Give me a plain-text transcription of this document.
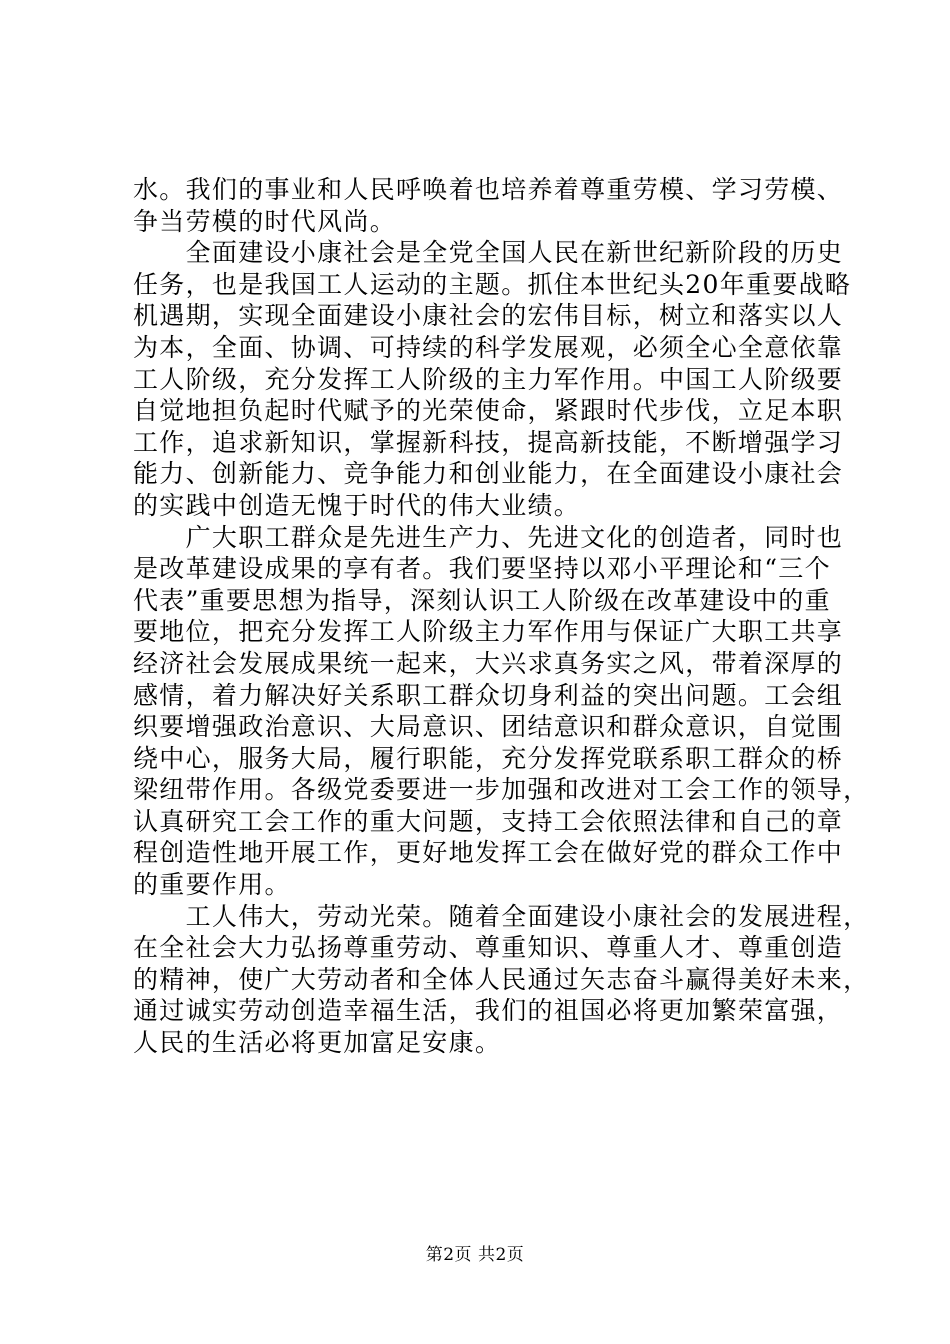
水。我们的事业和人民呼唤着也培养着尊重劳模、学习劳模、
争当劳模的时代风尚。
　　全面建设小康社会是全党全国人民在新世纪新阶段的历史
任务，也是我国工人运动的主题。抓住本世纪头20年重要战略
机遇期，实现全面建设小康社会的宏伟目标，树立和落实以人
为本，全面、协调、可持续的科学发展观，必须全心全意依靠
工人阶级，充分发挥工人阶级的主力军作用。中国工人阶级要
自觉地担负起时代赋予的光荣使命，紧跟时代步伐，立足本职
工作，追求新知识，掌握新科技，提高新技能，不断增强学习
能力、创新能力、竞争能力和创业能力，在全面建设小康社会
的实践中创造无愧于时代的伟大业绩。
　　广大职工群众是先进生产力、先进文化的创造者，同时也
是改革建设成果的享有者。我们要坚持以邓小平理论和“三个
代表”重要思想为指导，深刻认识工人阶级在改革建设中的重
要地位，把充分发挥工人阶级主力军作用与保证广大职工共享
经济社会发展成果统一起来，大兴求真务实之风，带着深厚的
感情，着力解决好关系职工群众切身利益的突出问题。工会组
织要增强政治意识、大局意识、团结意识和群众意识，自觉围
绕中心，服务大局，履行职能，充分发挥党联系职工群众的桥
梁纽带作用。各级党委要进一步加强和改进对工会工作的领导，
认真研究工会工作的重大问题，支持工会依照法律和自己的章
程创造性地开展工作，更好地发挥工会在做好党的群众工作中
的重要作用。
　　工人伟大，劳动光荣。随着全面建设小康社会的发展进程，
在全社会大力弘扬尊重劳动、尊重知识、尊重人才、尊重创造
的精神，使广大劳动者和全体人民通过矢志奋斗赢得美好未来，
通过诚实劳动创造幸福生活，我们的祖国必将更加繁荣富强，
人民的生活必将更加富足安康。
第2页 共2页
